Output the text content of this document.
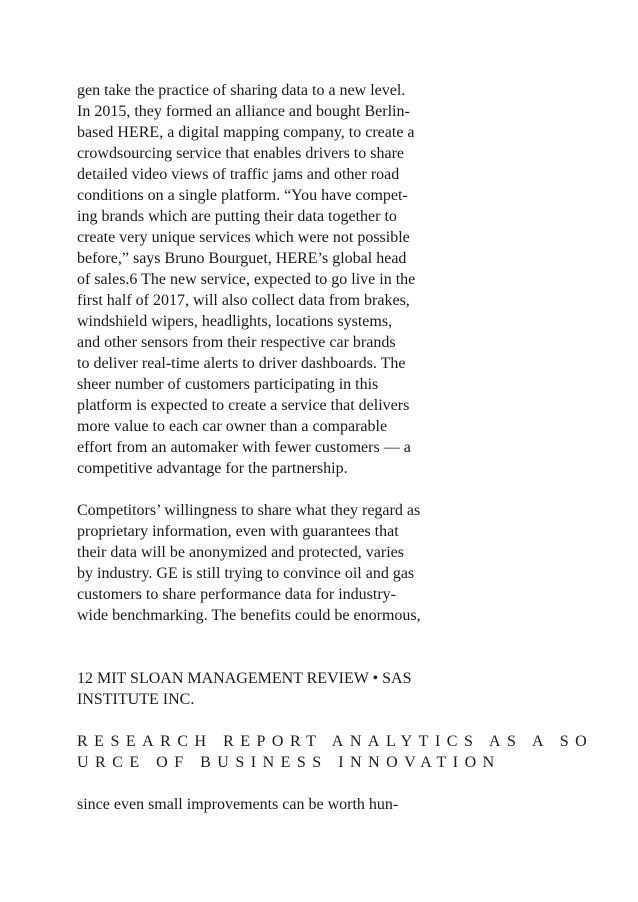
gen take the practice of sharing data to a new level.
In 2015, they formed an alliance and bought Berlin-
based HERE, a digital mapping company, to create a
crowdsourcing service that enables drivers to share
detailed video views of traffic jams and other road
conditions on a single platform. “You have compet-
ing brands which are putting their data together to
create very unique services which were not possible
before,” says Bruno Bourguet, HERE’s global head
of sales.6 The new service, expected to go live in the
first half of 2017, will also collect data from brakes,
windshield wipers, headlights, locations systems,
and other sensors from their respective car brands
to deliver real-time alerts to driver dashboards. The
sheer number of customers participating in this
platform is expected to create a service that delivers
more value to each car owner than a comparable
effort from an automaker with fewer customers — a
competitive advantage for the partnership.
Competitors’ willingness to share what they regard as
proprietary information, even with guarantees that
their data will be anonymized and protected, varies
by industry. GE is still trying to convince oil and gas
customers to share performance data for industry-
wide benchmarking. The benefits could be enormous,
12 MIT SLOAN MANAGEMENT REVIEW • SAS
INSTITUTE INC.
RESEARCH REPORT ANALYTICS AS A SO
URCE OF BUSINESS INNOVATION
since even small improvements can be worth hun-
